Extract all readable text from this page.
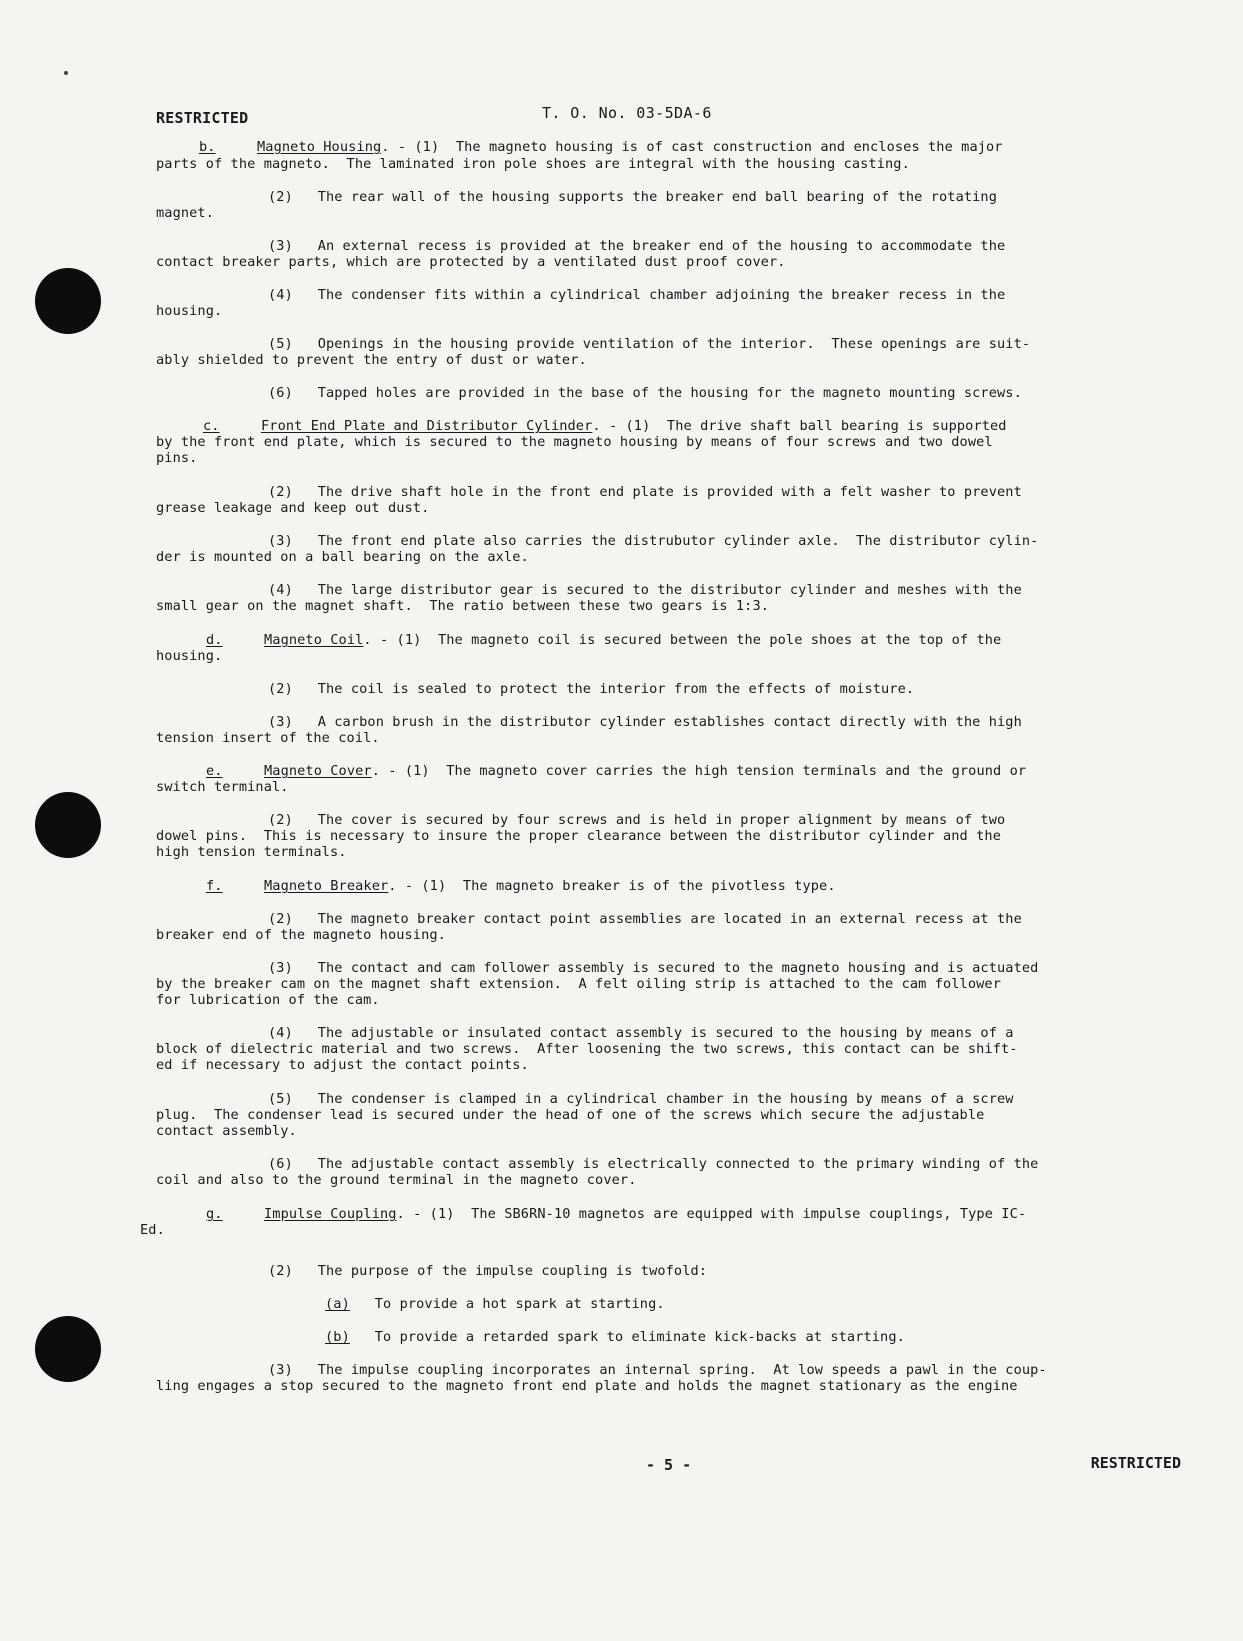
RESTRICTED	T. O. No. 03-5DA-6
b.	Magneto Housing. - (1)  The magneto housing is of cast construction and encloses the major
parts of the magneto.  The laminated iron pole shoes are integral with the housing casting.
(2)   The rear wall of the housing supports the breaker end ball bearing of the rotating
magnet.
(3)   An external recess is provided at the breaker end of the housing to accommodate the
contact breaker parts, which are protected by a ventilated dust proof cover.
(4)   The condenser fits within a cylindrical chamber adjoining the breaker recess in the
housing.
(5)   Openings in the housing provide ventilation of the interior.  These openings are suit-
ably shielded to prevent the entry of dust or water.
(6)   Tapped holes are provided in the base of the housing for the magneto mounting screws.
c.	Front End Plate and Distributor Cylinder. - (1)  The drive shaft ball bearing is supported
by the front end plate, which is secured to the magneto housing by means of four screws and two dowel
pins.
(2)   The drive shaft hole in the front end plate is provided with a felt washer to prevent
grease leakage and keep out dust.
(3)   The front end plate also carries the distrubutor cylinder axle.  The distributor cylin-
der is mounted on a ball bearing on the axle.
(4)   The large distributor gear is secured to the distributor cylinder and meshes with the
small gear on the magnet shaft.  The ratio between these two gears is 1:3.
d.	Magneto Coil. - (1)  The magneto coil is secured between the pole shoes at the top of the
housing.
(2)   The coil is sealed to protect the interior from the effects of moisture.
(3)   A carbon brush in the distributor cylinder establishes contact directly with the high
tension insert of the coil.
e.	Magneto Cover. - (1)  The magneto cover carries the high tension terminals and the ground or
switch terminal.
(2)   The cover is secured by four screws and is held in proper alignment by means of two
dowel pins.  This is necessary to insure the proper clearance between the distributor cylinder and the
high tension terminals.
f.	Magneto Breaker. - (1)  The magneto breaker is of the pivotless type.
(2)   The magneto breaker contact point assemblies are located in an external recess at the
breaker end of the magneto housing.
(3)   The contact and cam follower assembly is secured to the magneto housing and is actuated
by the breaker cam on the magnet shaft extension.  A felt oiling strip is attached to the cam follower
for lubrication of the cam.
(4)   The adjustable or insulated contact assembly is secured to the housing by means of a
block of dielectric material and two screws.  After loosening the two screws, this contact can be shift-
ed if necessary to adjust the contact points.
(5)   The condenser is clamped in a cylindrical chamber in the housing by means of a screw
plug.  The condenser lead is secured under the head of one of the screws which secure the adjustable
contact assembly.
(6)   The adjustable contact assembly is electrically connected to the primary winding of the
coil and also to the ground terminal in the magneto cover.
g.	Impulse Coupling. - (1)  The SB6RN-10 magnetos are equipped with impulse couplings, Type IC-
Ed.
(2)   The purpose of the impulse coupling is twofold:
(a) To provide a hot spark at starting.
(b) To provide a retarded spark to eliminate kick-backs at starting.
(3)   The impulse coupling incorporates an internal spring.  At low speeds a pawl in the coup-
ling engages a stop secured to the magneto front end plate and holds the magnet stationary as the engine
- 5 -	RESTRICTED
